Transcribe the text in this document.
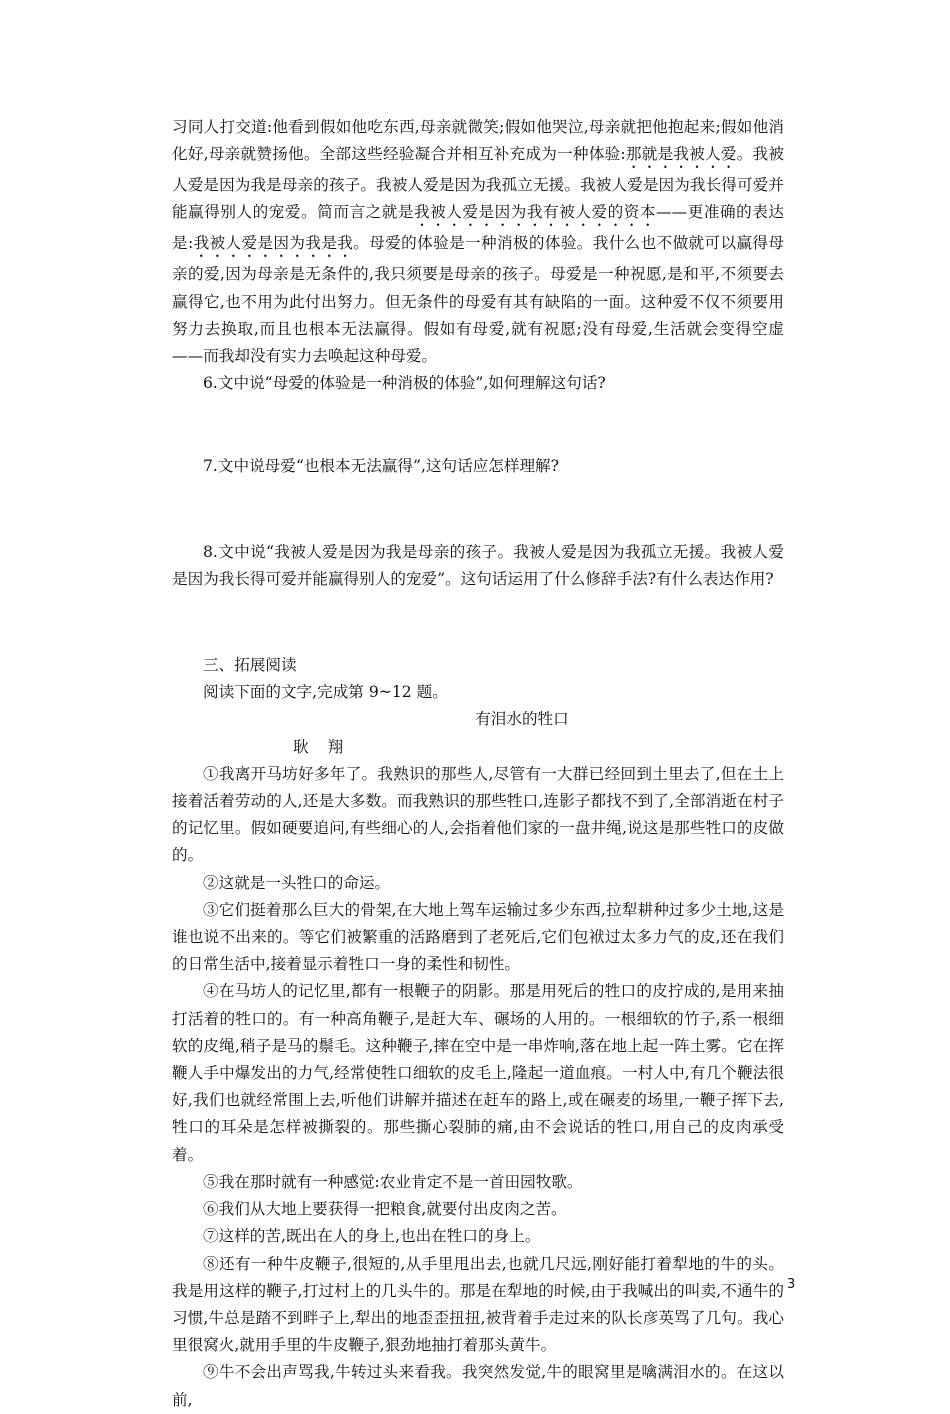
习同人打交道:他看到假如他吃东西,母亲就微笑;假如他哭泣,母亲就把他抱起来;假如他消化好,母亲就赞扬他。全部这些经验凝合并相互补充成为一种体验:那就是我被人爱。我被人爱是因为我是母亲的孩子。我被人爱是因为我孤立无援。我被人爱是因为我长得可爱并能赢得别人的宠爱。简而言之就是我被人爱是因为我有被人爱的资本——更准确的表达是:我被人爱是因为我是我。母爱的体验是一种消极的体验。我什么也不做就可以赢得母亲的爱,因为母亲是无条件的,我只须要是母亲的孩子。母爱是一种祝愿,是和平,不须要去赢得它,也不用为此付出努力。但无条件的母爱有其有缺陷的一面。这种爱不仅不须要用努力去换取,而且也根本无法赢得。假如有母爱,就有祝愿;没有母爱,生活就会变得空虚——而我却没有实力去唤起这种母爱。

6.文中说“母爱的体验是一种消极的体验”,如何理解这句话?

7.文中说母爱“也根本无法赢得”,这句话应怎样理解?

8.文中说“我被人爱是因为我是母亲的孩子。我被人爱是因为我孤立无援。我被人爱是因为我长得可爱并能赢得别人的宠爱”。这句话运用了什么修辞手法?有什么表达作用?

三、拓展阅读

阅读下面的文字,完成第 9~12 题。

有泪水的牲口

耿 翔

①我离开马坊好多年了。我熟识的那些人,尽管有一大群已经回到土里去了,但在土上接着活着劳动的人,还是大多数。而我熟识的那些牲口,连影子都找不到了,全部消逝在村子的记忆里。假如硬要追问,有些细心的人,会指着他们家的一盘井绳,说这是那些牲口的皮做的。

②这就是一头牲口的命运。

③它们挺着那么巨大的骨架,在大地上驾车运输过多少东西,拉犁耕种过多少土地,这是谁也说不出来的。等它们被繁重的活路磨到了老死后,它们包袱过太多力气的皮,还在我们的日常生活中,接着显示着牲口一身的柔性和韧性。

④在马坊人的记忆里,都有一根鞭子的阴影。那是用死后的牲口的皮拧成的,是用来抽打活着的牲口的。有一种高角鞭子,是赶大车、碾场的人用的。一根细软的竹子,系一根细软的皮绳,稍子是马的鬃毛。这种鞭子,摔在空中是一串炸响,落在地上起一阵土雾。它在挥鞭人手中爆发出的力气,经常使牲口细软的皮毛上,隆起一道血痕。一村人中,有几个鞭法很好,我们也就经常围上去,听他们讲解并描述在赶车的路上,或在碾麦的场里,一鞭子挥下去,牲口的耳朵是怎样被撕裂的。那些撕心裂肺的痛,由不会说话的牲口,用自己的皮肉承受着。

⑤我在那时就有一种感觉:农业肯定不是一首田园牧歌。

⑥我们从大地上要获得一把粮食,就要付出皮肉之苦。

⑦这样的苦,既出在人的身上,也出在牲口的身上。

⑧还有一种牛皮鞭子,很短的,从手里甩出去,也就几尺远,刚好能打着犁地的牛的头。我是用这样的鞭子,打过村上的几头牛的。那是在犁地的时候,由于我喊出的叫卖,不通牛的习惯,牛总是踏不到畔子上,犁出的地歪歪扭扭,被背着手走过来的队长彦英骂了几句。我心里很窝火,就用手里的牛皮鞭子,狠劲地抽打着那头黄牛。

⑨牛不会出声骂我,牛转过头来看我。我突然发觉,牛的眼窝里是噙满泪水的。在这以前,

3
